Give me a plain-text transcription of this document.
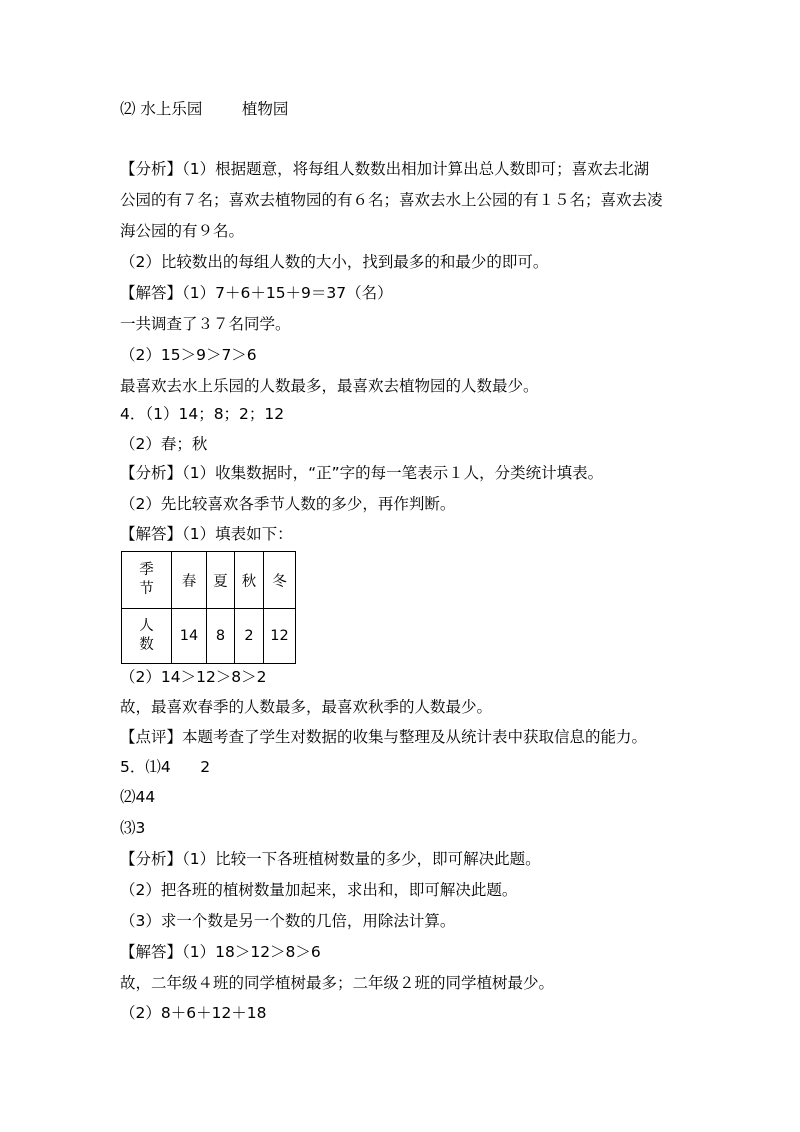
⑵ 水上乐园        植物园
【分析】（1）根据题意，将每组人数数出相加计算出总人数即可；喜欢去北湖
公园的有７名；喜欢去植物园的有６名；喜欢去水上公园的有１５名；喜欢去凌
海公园的有９名。
（2）比较数出的每组人数的大小，找到最多的和最少的即可。
【解答】（1）7＋6＋15＋9＝37（名）
一共调查了３７名同学。
（2）15＞9＞7＞6
最喜欢去水上乐园的人数最多，最喜欢去植物园的人数最少。
4．（1）14；8；2；12
（2）春；秋
【分析】（1）收集数据时，“正”字的每一笔表示１人，分类统计填表。
（2）先比较喜欢各季节人数的多少，再作判断。
【解答】（1）填表如下：
季
节	春	夏	秋	冬
人
数	14	8	2	12
（2）14＞12＞8＞2
故，最喜欢春季的人数最多，最喜欢秋季的人数最少。
【点评】本题考查了学生对数据的收集与整理及从统计表中获取信息的能力。
5．⑴4      2
⑵44
⑶3
【分析】（1）比较一下各班植树数量的多少，即可解决此题。
（2）把各班的植树数量加起来，求出和，即可解决此题。
（3）求一个数是另一个数的几倍，用除法计算。
【解答】（1）18＞12＞8＞6
故，二年级４班的同学植树最多；二年级２班的同学植树最少。
（2）8＋6＋12＋18
